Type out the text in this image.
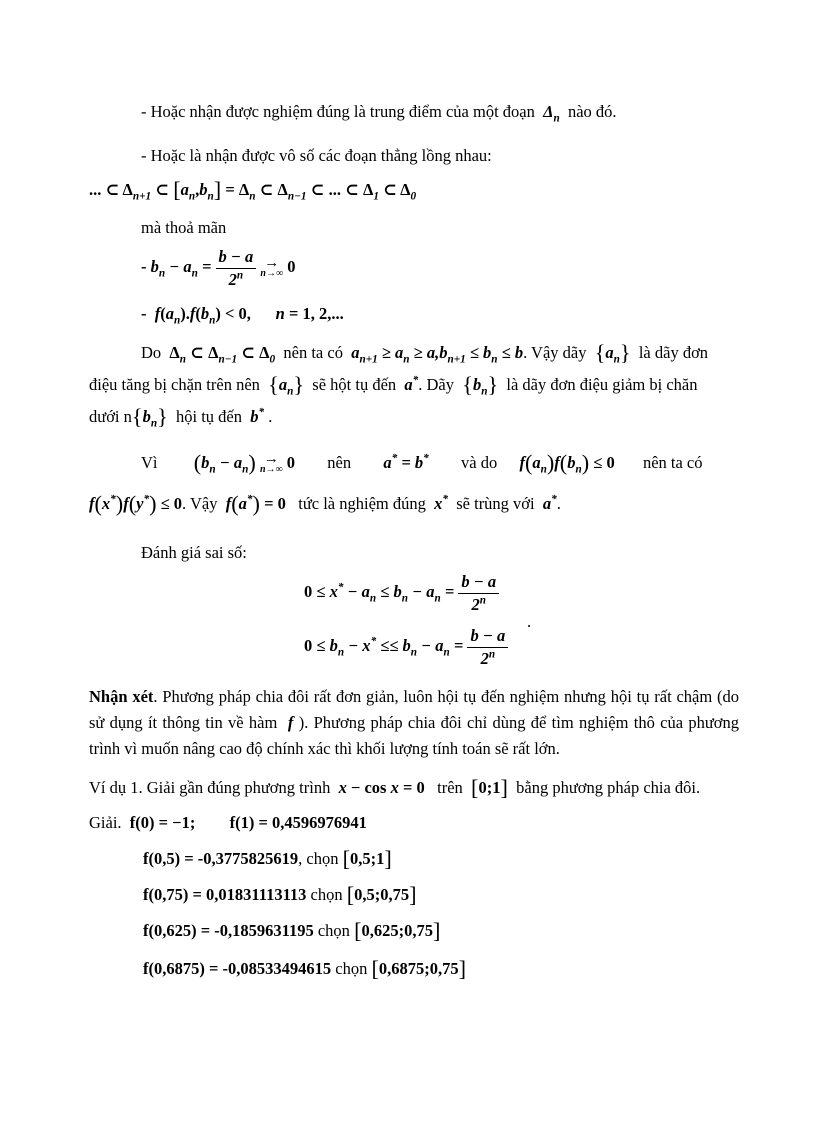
- Hoặc nhận được nghiệm đúng là trung điểm của một đoạn  $\Delta_n$ nào đó.
- Hoặc là nhận được vô số các đoạn thẳng lồng nhau:
... ⊂ $\Delta_{n+1}$ ⊂ $[a_n,b_n] = \Delta_n$ ⊂ $\Delta_{n-1}$ ⊂ ... ⊂ $\Delta_1$ ⊂ $\Delta_0$
mà thoả mãn
- $b_n - a_n = \frac{b - a}{2^n}$
→
n→∞ 0
-  $f(a_n).f(b_n) < 0$, n = 1, 2,...
Do  $\Delta_n$ ⊂ $\Delta_{n-1}$ ⊂ $\Delta_0$ nên ta có  $a_{n+1} \ge a_n \ge a,b_{n+1} \le b_n \le b$. Vậy dãy $\{a_n\}$ là dãy đơn
điệu tăng bị chặn trên nên $\{a_n\}$ sẽ hột tụ đến  a*. Dãy $\{b_n\}$ là dãy đơn điệu giảm bị chăn
dưới $n\{b_n\}$ hội tụ đến  b* .
Vì $(b_n - a_n)$ →
n→∞ 0 nên a* = b* và do $f(a_n)f(b_n) \le 0$ nên ta có
f(x*)f(y*) ≤ 0. Vậy  f(a*) = 0   tức là nghiệm đúng  x* sẽ trùng với  a*.
Đánh giá sai số:
$0 \le x^* - a_n \le b_n - a_n = \frac{b - a}{2^n}$
$0 \le b_n - x^* \le\le b_n - a_n = \frac{b - a}{2^n}$
.
Nhận xét. Phương pháp chia đôi rất đơn giản, luôn hội tụ đến nghiệm nhưng hội tụ rất chậm (do sử dụng ít thông tin về hàm  f ). Phương pháp chia đôi chỉ dùng để tìm nghiệm thô của phương trình vì muốn nâng cao độ chính xác thì khối lượng tính toán sẽ rất lớn.
Ví dụ 1. Giải gần đúng phương trình  x − cos x = 0   trên [0;1] bằng phương pháp chia đôi.
Giải. f(0) = −1; f(1) = 0,4596976941
f(0,5) = -0,3775825619, chọn [0,5;1]
f(0,75) = 0,01831113113 chọn [0,5;0,75]
f(0,625) = -0,1859631195 chọn [0,625;0,75]
f(0,6875) = -0,08533494615 chọn [0,6875;0,75]
